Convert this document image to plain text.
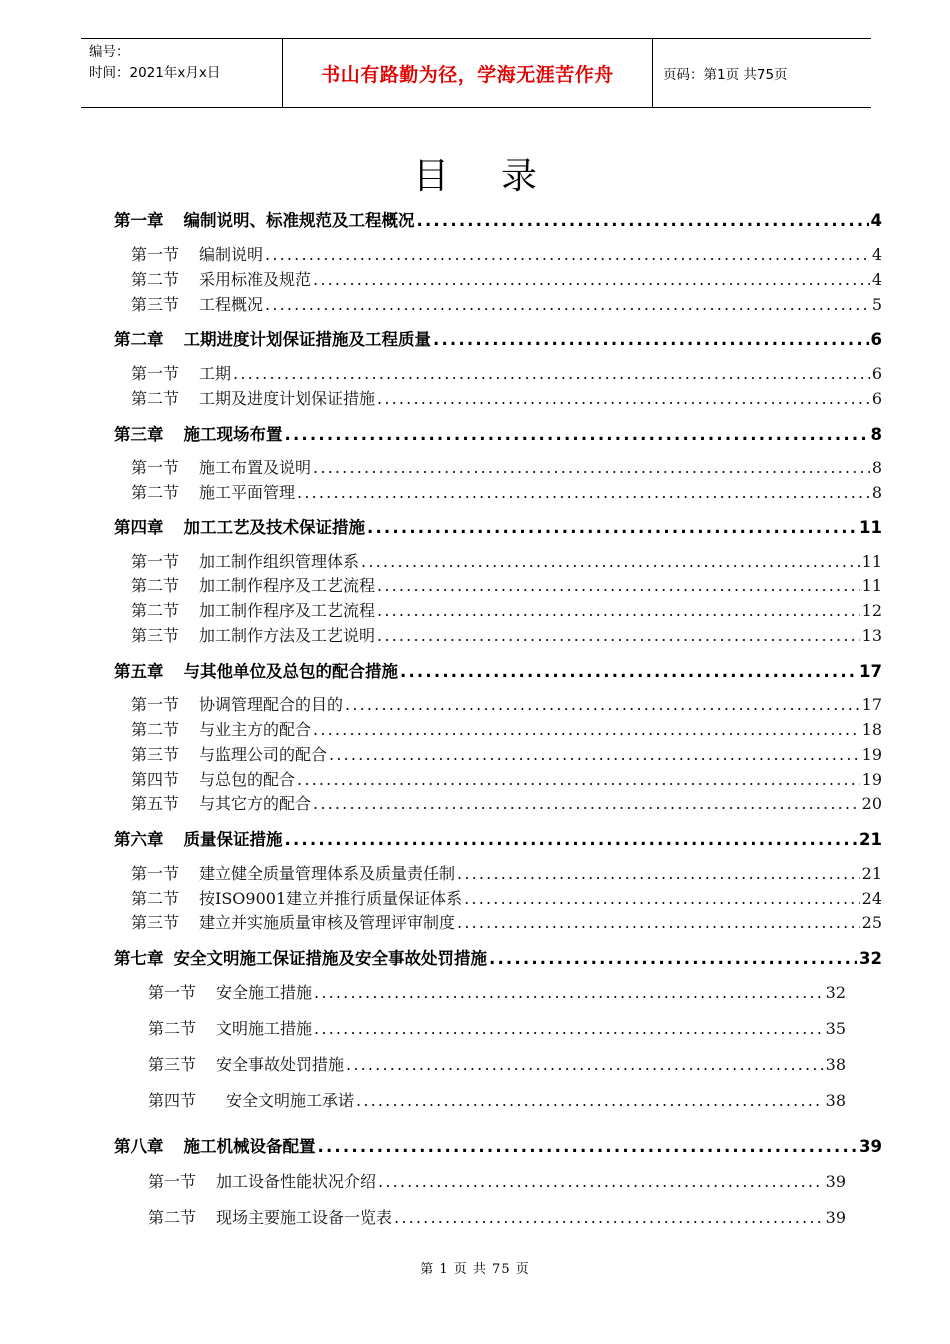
编号：
时间：2021年x月x日	书山有路勤为径，学海无涯苦作舟	页码：第1页 共75页
目录
第一章 编制说明、标准规范及工程概况 .....	4
第一节 编制说明 .....	4
第二节 采用标准及规范 .....	4
第三节 工程概况 .....	5
第二章 工期进度计划保证措施及工程质量 .....	6
第一节 工期 .....	6
第二节 工期及进度计划保证措施 .....	6
第三章 施工现场布置 .....	8
第一节 施工布置及说明 .....	8
第二节 施工平面管理 .....	8
第四章 加工工艺及技术保证措施 .....	11
第一节 加工制作组织管理体系 .....	11
第二节 加工制作程序及工艺流程 .....	11
第二节 加工制作程序及工艺流程 .....	12
第三节 加工制作方法及工艺说明 .....	13
第五章 与其他单位及总包的配合措施 .....	17
第一节 协调管理配合的目的 .....	17
第二节 与业主方的配合 .....	18
第三节 与监理公司的配合 .....	19
第四节 与总包的配合 .....	19
第五节 与其它方的配合 .....	20
第六章 质量保证措施 .....	21
第一节 建立健全质量管理体系及质量责任制 .....	21
第二节 按ISO9001建立并推行质量保证体系 .....	24
第三节 建立并实施质量审核及管理评审制度 .....	25
第七章 安全文明施工保证措施及安全事故处罚措施 .....	32
第一节 安全施工措施 .....	32
第二节 文明施工措施 .....	35
第三节 安全事故处罚措施 .....	38
第四节 安全文明施工承诺 .....	38
第八章 施工机械设备配置 .....	39
第一节 加工设备性能状况介绍 .....	39
第二节 现场主要施工设备一览表 .....	39
第 1 页 共 75 页
